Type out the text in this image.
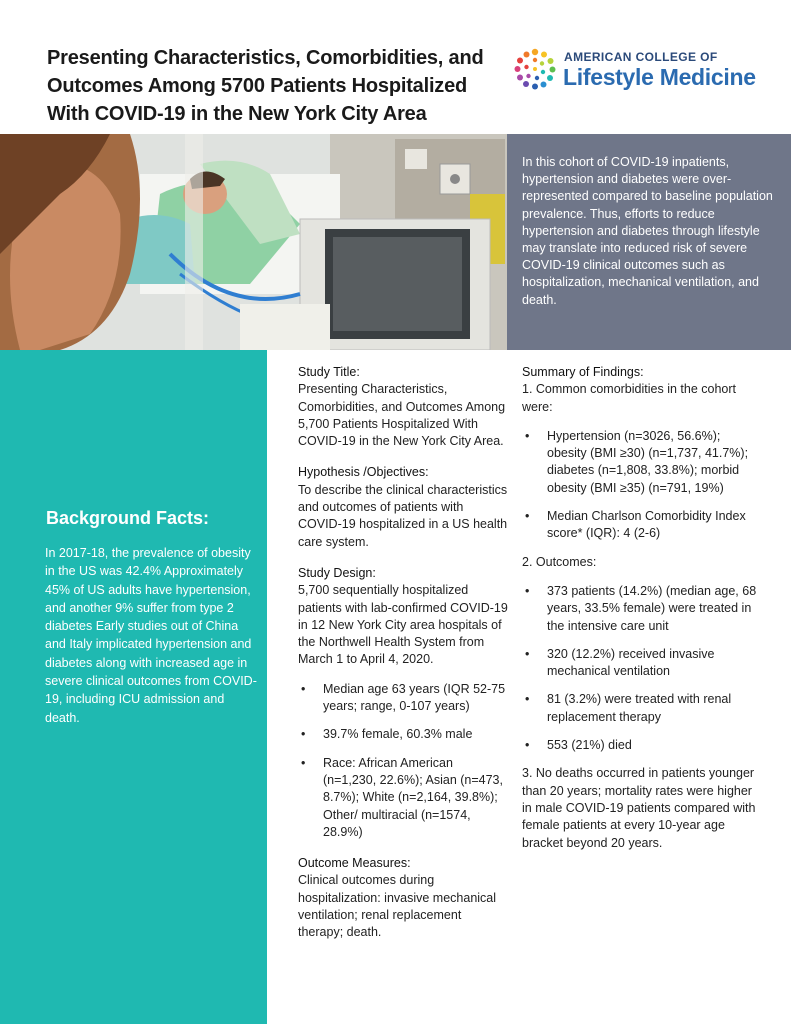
Presenting Characteristics, Comorbidities, and
Outcomes Among 5700 Patients Hospitalized
With COVID-19 in the New York City Area
AMERICAN COLLEGE OF
Lifestyle Medicine
In this cohort of COVID-19 inpatients, hypertension and diabetes were over-represented compared to baseline population prevalence. Thus, efforts to reduce hypertension and diabetes through lifestyle may translate into reduced risk of severe COVID-19 clinical outcomes such as hospitalization, mechanical ventilation, and death.
Background Facts:
In 2017-18, the prevalence of obesity in the US was 42.4% Approximately 45% of US adults have hypertension, and another 9% suffer from type 2 diabetes Early studies out of China and Italy implicated hypertension and diabetes along with increased age in severe clinical outcomes from COVID-19, including ICU admission and death.
Study Title:
Presenting Characteristics, Comorbidities, and Outcomes Among 5,700 Patients Hospitalized With COVID-19 in the New York City Area.
Hypothesis /Objectives:
To describe the clinical characteristics and outcomes of patients with COVID-19 hospitalized in a US health care system.
Study Design:
5,700 sequentially hospitalized patients with lab-confirmed COVID-19 in 12 New York City area hospitals of the Northwell Health System from March 1 to April 4, 2020.
• Median age 63 years (IQR 52-75 years; range, 0-107 years)
• 39.7% female, 60.3% male
• Race: African American (n=1,230, 22.6%); Asian (n=473, 8.7%); White (n=2,164, 39.8%); Other/ multiracial (n=1574, 28.9%)
Outcome Measures:
Clinical outcomes during hospitalization: invasive mechanical ventilation; renal replacement therapy; death.
Summary of Findings:
1. Common comorbidities in the cohort were:
• Hypertension (n=3026, 56.6%); obesity (BMI ≥30) (n=1,737, 41.7%); diabetes (n=1,808, 33.8%); morbid obesity (BMI ≥35) (n=791, 19%)
• Median Charlson Comorbidity Index score* (IQR): 4 (2-6)
2. Outcomes:
• 373 patients (14.2%) (median age, 68 years, 33.5% female) were treated in the intensive care unit
• 320 (12.2%) received invasive mechanical ventilation
• 81 (3.2%) were treated with renal replacement therapy
• 553 (21%) died
3. No deaths occurred in patients younger than 20 years; mortality rates were higher in male COVID-19 patients compared with female patients at every 10-year age bracket beyond 20 years.
